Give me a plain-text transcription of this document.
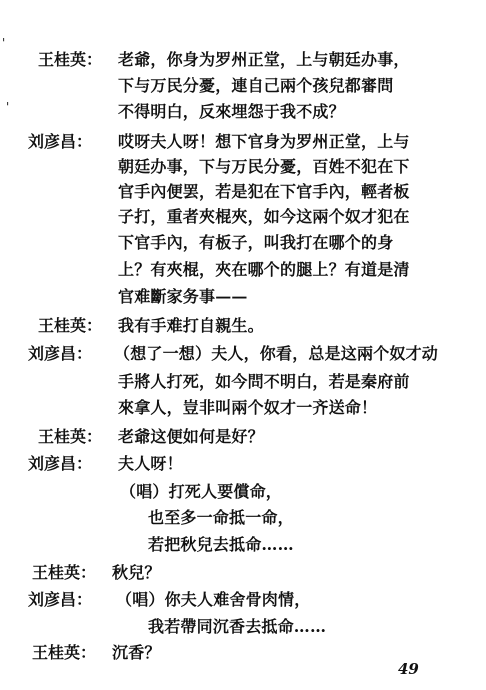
'
'
王桂英： 老爺，你身为罗州正堂，上与朝廷办事，
下与万民分憂，連自己兩个孩兒都審問
不得明白，反來埋怨于我不成？
刘彦昌： 哎呀夫人呀！想下官身为罗州正堂，上与
朝廷办事，下与万民分憂，百姓不犯在下
官手內便罢，若是犯在下官手內，輕者板
子打，重者夾棍夾，如今这兩个奴才犯在
下官手內，有板子，叫我打在哪个的身
上？有夾棍，夾在哪个的腿上？有道是清
官难斷家务事——
王桂英： 我有手难打自親生。
刘彦昌： （想了一想）夫人，你看，总是这兩个奴才动
手將人打死，如今問不明白，若是秦府前
來拿人，豈非叫兩个奴才一齐送命！
王桂英： 老爺这便如何是好？
刘彦昌： 夫人呀！
（唱）打死人要償命，
也至多一命抵一命，
若把秋兒去抵命……
王桂英： 秋兒？
刘彦昌： （唱）你夫人难舍骨肉情，
我若帶同沉香去抵命……
王桂英： 沉香？
49
